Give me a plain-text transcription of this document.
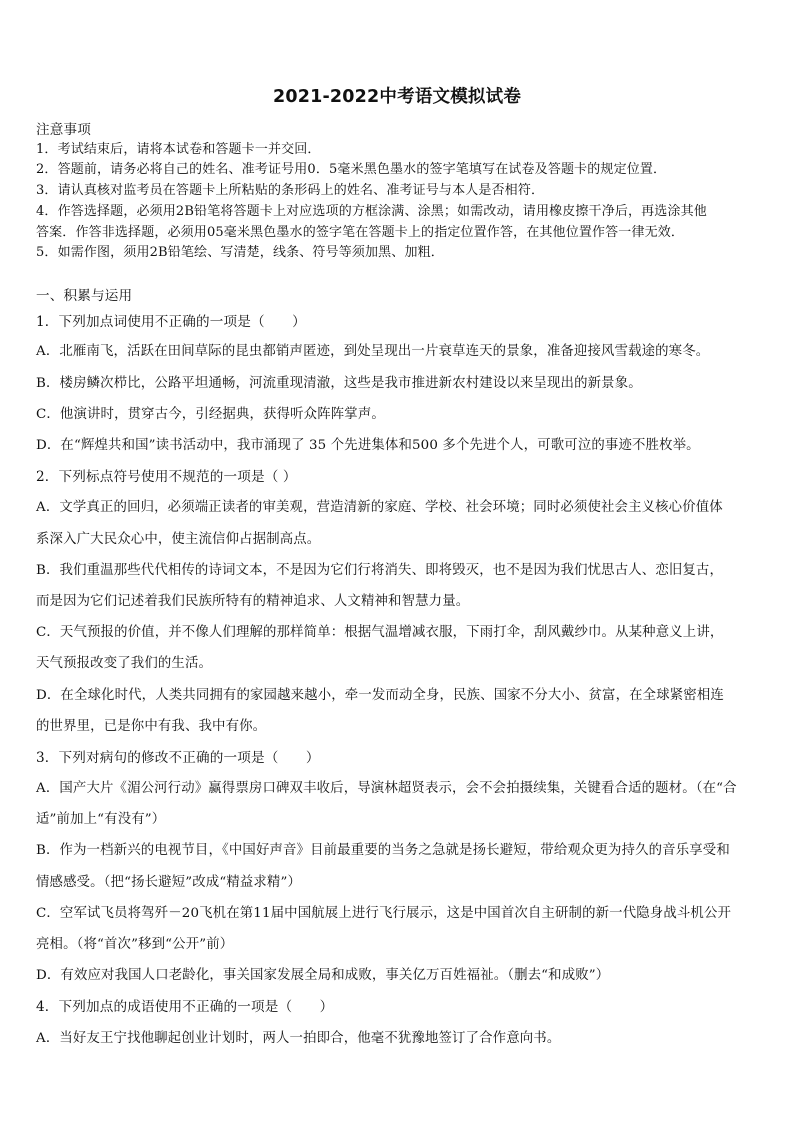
2021-2022中考语文模拟试卷
注意事项
1．考试结束后，请将本试卷和答题卡一并交回．
2．答题前，请务必将自己的姓名、准考证号用0．5毫米黑色墨水的签字笔填写在试卷及答题卡的规定位置．
3．请认真核对监考员在答题卡上所粘贴的条形码上的姓名、准考证号与本人是否相符．
4．作答选择题，必须用2B铅笔将答题卡上对应选项的方框涂满、涂黑；如需改动，请用橡皮擦干净后，再选涂其他
答案．作答非选择题，必须用05毫米黑色墨水的签字笔在答题卡上的指定位置作答，在其他位置作答一律无效．
5．如需作图，须用2B铅笔绘、写清楚，线条、符号等须加黑、加粗．
一、积累与运用
1．下列加点词使用不正确的一项是（　　）
A．北雁南飞，活跃在田间草际的昆虫都销声匿迹，到处呈现出一片衰草连天的景象，准备迎接风雪载途的寒冬。
B．楼房鳞次栉比，公路平坦通畅，河流重现清澈，这些是我市推进新农村建设以来呈现出的新景象。
C．他演讲时，贯穿古今，引经据典，获得听众阵阵掌声。
D．在“辉煌共和国”读书活动中，我市涌现了 35 个先进集体和500 多个先进个人，可歌可泣的事迹不胜枚举。
2．下列标点符号使用不规范的一项是（ ）
A．文学真正的回归，必须端正读者的审美观，营造清新的家庭、学校、社会环境；同时必须使社会主义核心价值体
系深入广大民众心中，使主流信仰占据制高点。
B．我们重温那些代代相传的诗词文本，不是因为它们行将消失、即将毁灭，也不是因为我们忧思古人、恋旧复古，
而是因为它们记述着我们民族所特有的精神追求、人文精神和智慧力量。
C．天气预报的价值，并不像人们理解的那样简单：根据气温增减衣服，下雨打伞，刮风戴纱巾。从某种意义上讲，
天气预报改变了我们的生活。
D．在全球化时代，人类共同拥有的家园越来越小，牵一发而动全身，民族、国家不分大小、贫富，在全球紧密相连
的世界里，已是你中有我、我中有你。
3．下列对病句的修改不正确的一项是（　　）
A．国产大片《湄公河行动》赢得票房口碑双丰收后，导演林超贤表示，会不会拍摄续集，关键看合适的题材。（在“合
适”前加上“有没有”）
B．作为一档新兴的电视节目，《中国好声音》目前最重要的当务之急就是扬长避短，带给观众更为持久的音乐享受和
情感感受。（把“扬长避短”改成“精益求精”）
C．空军试飞员将驾歼－20飞机在第11届中国航展上进行飞行展示，这是中国首次自主研制的新一代隐身战斗机公开
亮相。（将“首次”移到“公开”前）
D．有效应对我国人口老龄化，事关国家发展全局和成败，事关亿万百姓福祉。（删去“和成败”）
4．下列加点的成语使用不正确的一项是（　　）
A．当好友王宁找他聊起创业计划时，两人一拍即合，他毫不犹豫地签订了合作意向书。
